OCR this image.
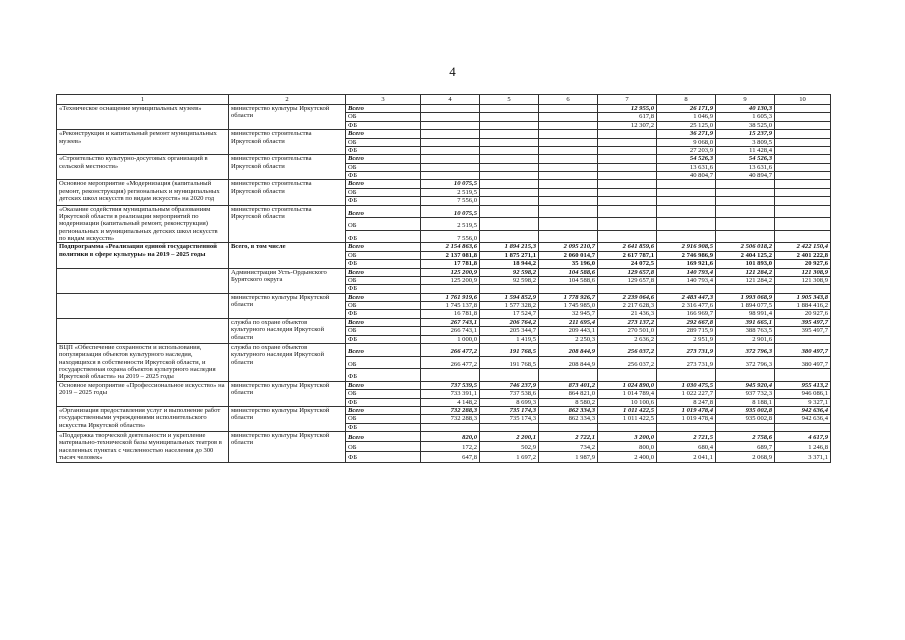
4
1	2	3	4	5	6	7	8	9	10
«Техническое оснащение муниципальных музеев»	министерство культуры Иркутской области	Всего				12 955,0	26 171,9	40 130,3	
		ОБ				617,8	1 046,9	1 605,3	
		ФБ				12 307,2	25 125,0	38 525,0	
«Реконструкция и капитальный ремонт муниципальных музеев»	министерство строительства Иркутской области	Всего					36 271,9	15 237,9	
		ОБ					9 068,0	3 809,5	
		ФБ					27 203,9	11 428,4	
«Строительство культурно-досуговых организаций в сельской местности»	министерство строительства Иркутской области	Всего					54 526,3	54 526,3	
		ОБ					13 631,6	13 631,6	
		ФБ					40 804,7	40 894,7	
Основное мероприятие «Модернизация (капитальный ремонт, реконструкция) региональных и муниципальных детских школ искусств по видам искусств» на 2020 год	министерство строительства Иркутской области	Всего	10 075,5						
		ОБ	2 519,5						
		ФБ	7 556,0						
«Оказание содействия муниципальным образованиям Иркутской области в реализации мероприятий по модернизации (капитальный ремонт, реконструкция) региональных и муниципальных детских школ искусств по видам искусств»	министерство строительства Иркутской области	Всего	10 075,5						
		ОБ	2 519,5						
		ФБ	7 556,0						
Подпрограмма «Реализация единой государственной политики в сфере культуры» на 2019 – 2025 годы	Всего, в том числе	Всего	2 154 863,6	1 894 215,3	2 095 210,7	2 641 859,6	2 916 908,5	2 506 018,2	2 422 150,4
		ОБ	2 137 081,8	1 875 271,1	2 060 014,7	2 617 787,1	2 746 986,9	2 404 125,2	2 401 222,8
		ФБ	17 781,8	18 944,2	35 196,0	24 072,5	169 921,6	101 893,0	20 927,6
	Администрация Усть-Ордынского Бурятского округа	Всего	125 200,9	92 598,2	104 588,6	129 657,8	140 793,4	121 284,2	121 308,9
		ОБ	125 200,9	92 598,2	104 588,6	129 657,8	140 793,4	121 284,2	121 308,9
		ФБ							
	министерство культуры Иркутской области	Всего	1 761 919,6	1 594 852,9	1 778 926,7	2 239 064,6	2 483 447,3	1 993 068,9	1 905 343,8
		ОБ	1 745 137,8	1 577 328,2	1 745 985,0	2 217 628,3	2 316 477,6	1 894 077,5	1 884 416,2
		ФБ	16 781,8	17 524,7	32 945,7	21 436,3	166 969,7	98 991,4	20 927,6
	служба по охране объектов культурного наследия Иркутской области	Всего	267 743,1	206 764,2	211 695,4	273 137,2	292 667,8	391 665,1	395 497,7
		ОБ	266 743,1	205 344,7	209 443,1	270 501,0	289 715,9	388 763,5	395 497,7
		ФБ	1 000,0	1 419,5	2 250,3	2 636,2	2 951,9	2 901,6	
ВЦП «Обеспечение сохранности и использования, популяризация объектов культурного наследия, находящихся в собственности Иркутской области, и государственная охрана объектов культурного наследия Иркутской области» на 2019 – 2025 годы	служба по охране объектов культурного наследия Иркутской области	Всего	266 477,2	191 768,5	208 844,9	256 037,2	273 731,9	372 796,3	380 497,7
		ОБ	266 477,2	191 768,5	208 844,9	256 037,2	273 731,9	372 796,3	380 497,7
		ФБ							
Основное мероприятие «Профессиональное искусство» на 2019 – 2025 годы	министерство культуры Иркутской области	Всего	737 539,5	746 237,9	873 401,2	1 024 890,0	1 030 475,5	945 920,4	955 413,2
		ОБ	733 391,1	737 538,6	864 821,0	1 014 789,4	1 022 227,7	937 732,3	946 086,1
		ФБ	4 148,2	8 699,3	8 580,2	10 100,6	8 247,8	8 188,1	9 327,1
«Организация предоставления услуг и выполнение работ государственными учреждениями исполнительского искусства Иркутской области»	министерство культуры Иркутской области	Всего	732 288,3	735 174,3	862 334,3	1 011 422,5	1 019 478,4	935 002,8	942 636,4
		ОБ	732 288,3	735 174,3	862 334,3	1 011 422,5	1 019 478,4	935 002,8	942 636,4
		ФБ							
«Поддержка творческой деятельности и укрепление материально-технической базы муниципальных театров в населенных пунктах с численностью населения до 300 тысяч человек»	министерство культуры Иркутской области	Всего	820,0	2 200,1	2 722,1	3 200,0	2 721,5	2 758,6	4 617,9
		ОБ	172,2	502,9	734,2	800,0	680,4	689,7	1 246,8
		ФБ	647,8	1 697,2	1 987,9	2 400,0	2 041,1	2 068,9	3 371,1
